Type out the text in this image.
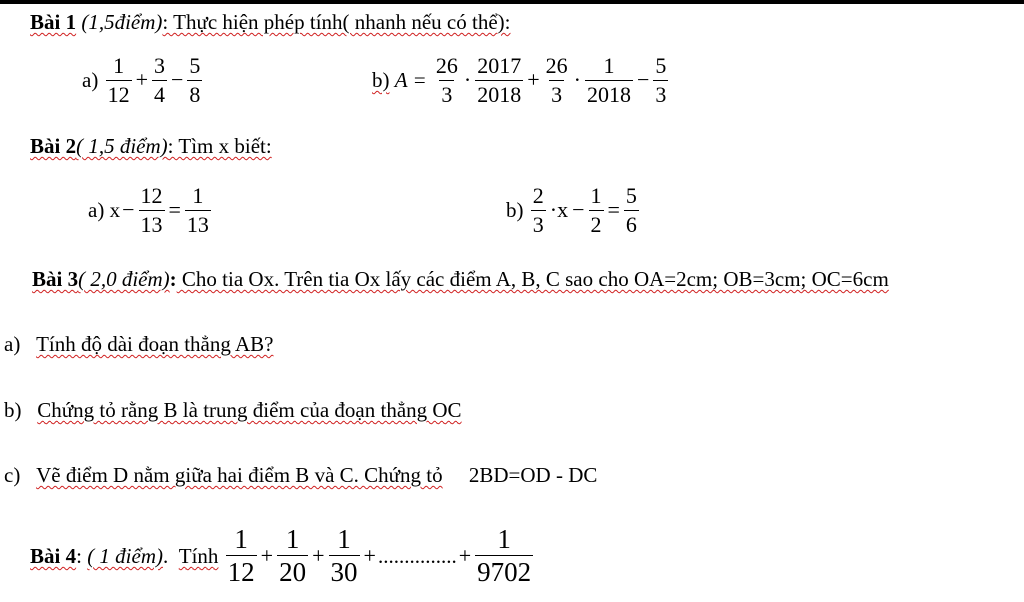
Bài 1 (1,5điểm): Thực hiện phép tính( nhanh nếu có thể):
$a) \frac{1}{12} + \frac{3}{4} - \frac{5}{8}$	b) $A = \frac{26}{3} \cdot \frac{2017}{2018} + \frac{26}{3} \cdot \frac{1}{2018} - \frac{5}{3}$
Bài 2( 1,5 điểm): Tìm x biết:
a) $x- \frac{12}{13} = \frac{1}{13}$	$b) \frac{2}{3} \cdot x - \frac{1}{2} = \frac{5}{6}$
Bài 3( 2,0 điểm): Cho tia Ox. Trên tia Ox lấy các điểm A, B, C sao cho OA=2cm; OB=3cm; OC=6cm
a) Tính độ dài đoạn thẳng AB?
b) Chứng tỏ rằng B là trung điểm của đoạn thẳng OC
c) Vẽ điểm D nằm giữa hai điểm B và C. Chứng tỏ 2BD=OD - DC
Bài 4: ( 1 điểm). Tính $\frac{1}{12} + \frac{1}{20} + \frac{1}{30}$ +...............+ $\frac{1}{9702}$
